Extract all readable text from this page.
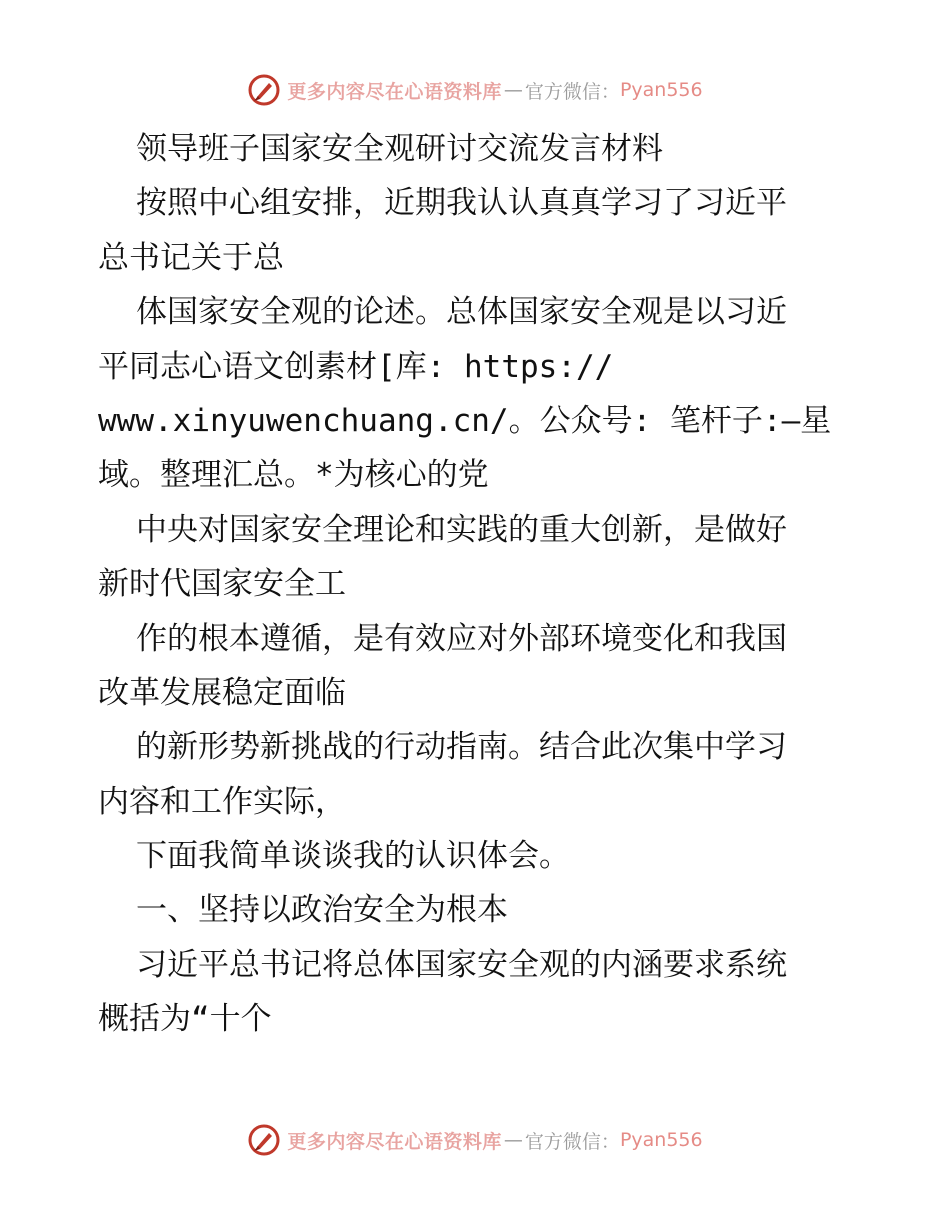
更多内容尽在心语资料库 — 官方微信： Pyan556
领导班子国家安全观研讨交流发言材料
按照中心组安排，近期我认认真真学习了习近平
总书记关于总
体国家安全观的论述。总体国家安全观是以习近
平同志心语文创素材[库: https://
www.xinyuwenchuang.cn/。公众号: 笔杆子:—星
域。整理汇总。*为核心的党
中央对国家安全理论和实践的重大创新，是做好
新时代国家安全工
作的根本遵循，是有效应对外部环境变化和我国
改革发展稳定面临
的新形势新挑战的行动指南。结合此次集中学习
内容和工作实际，
下面我简单谈谈我的认识体会。
一、坚持以政治安全为根本
习近平总书记将总体国家安全观的内涵要求系统
概括为“十个
更多内容尽在心语资料库 — 官方微信： Pyan556
